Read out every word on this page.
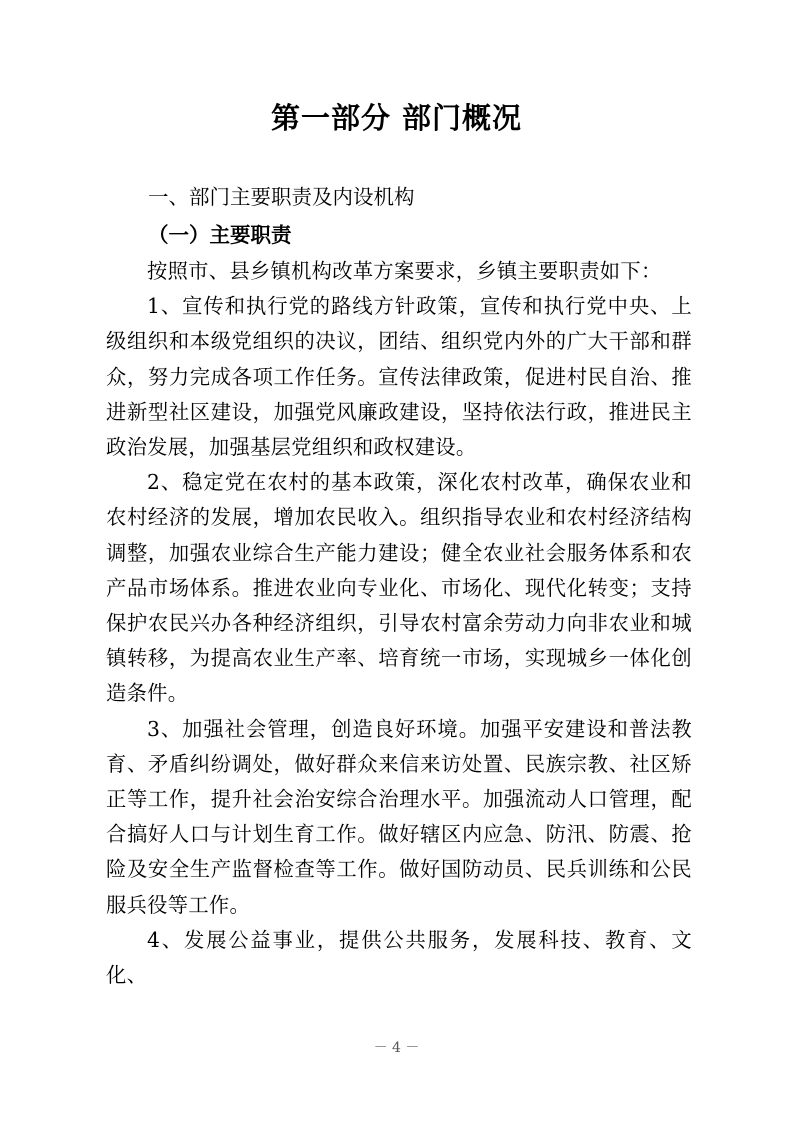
第一部分 部门概况
一、部门主要职责及内设机构
（一）主要职责

按照市、县乡镇机构改革方案要求，乡镇主要职责如下：

1、宣传和执行党的路线方针政策，宣传和执行党中央、上级组织和本级党组织的决议，团结、组织党内外的广大干部和群众，努力完成各项工作任务。宣传法律政策，促进村民自治、推进新型社区建设，加强党风廉政建设，坚持依法行政，推进民主政治发展，加强基层党组织和政权建设。

2、稳定党在农村的基本政策，深化农村改革，确保农业和农村经济的发展，增加农民收入。组织指导农业和农村经济结构调整，加强农业综合生产能力建设；健全农业社会服务体系和农产品市场体系。推进农业向专业化、市场化、现代化转变；支持保护农民兴办各种经济组织，引导农村富余劳动力向非农业和城镇转移，为提高农业生产率、培育统一市场，实现城乡一体化创造条件。

3、加强社会管理，创造良好环境。加强平安建设和普法教育、矛盾纠纷调处，做好群众来信来访处置、民族宗教、社区矫正等工作，提升社会治安综合治理水平。加强流动人口管理，配合搞好人口与计划生育工作。做好辖区内应急、防汛、防震、抢险及安全生产监督检查等工作。做好国防动员、民兵训练和公民服兵役等工作。

4、发展公益事业，提供公共服务，发展科技、教育、文化、

－ 4 －
